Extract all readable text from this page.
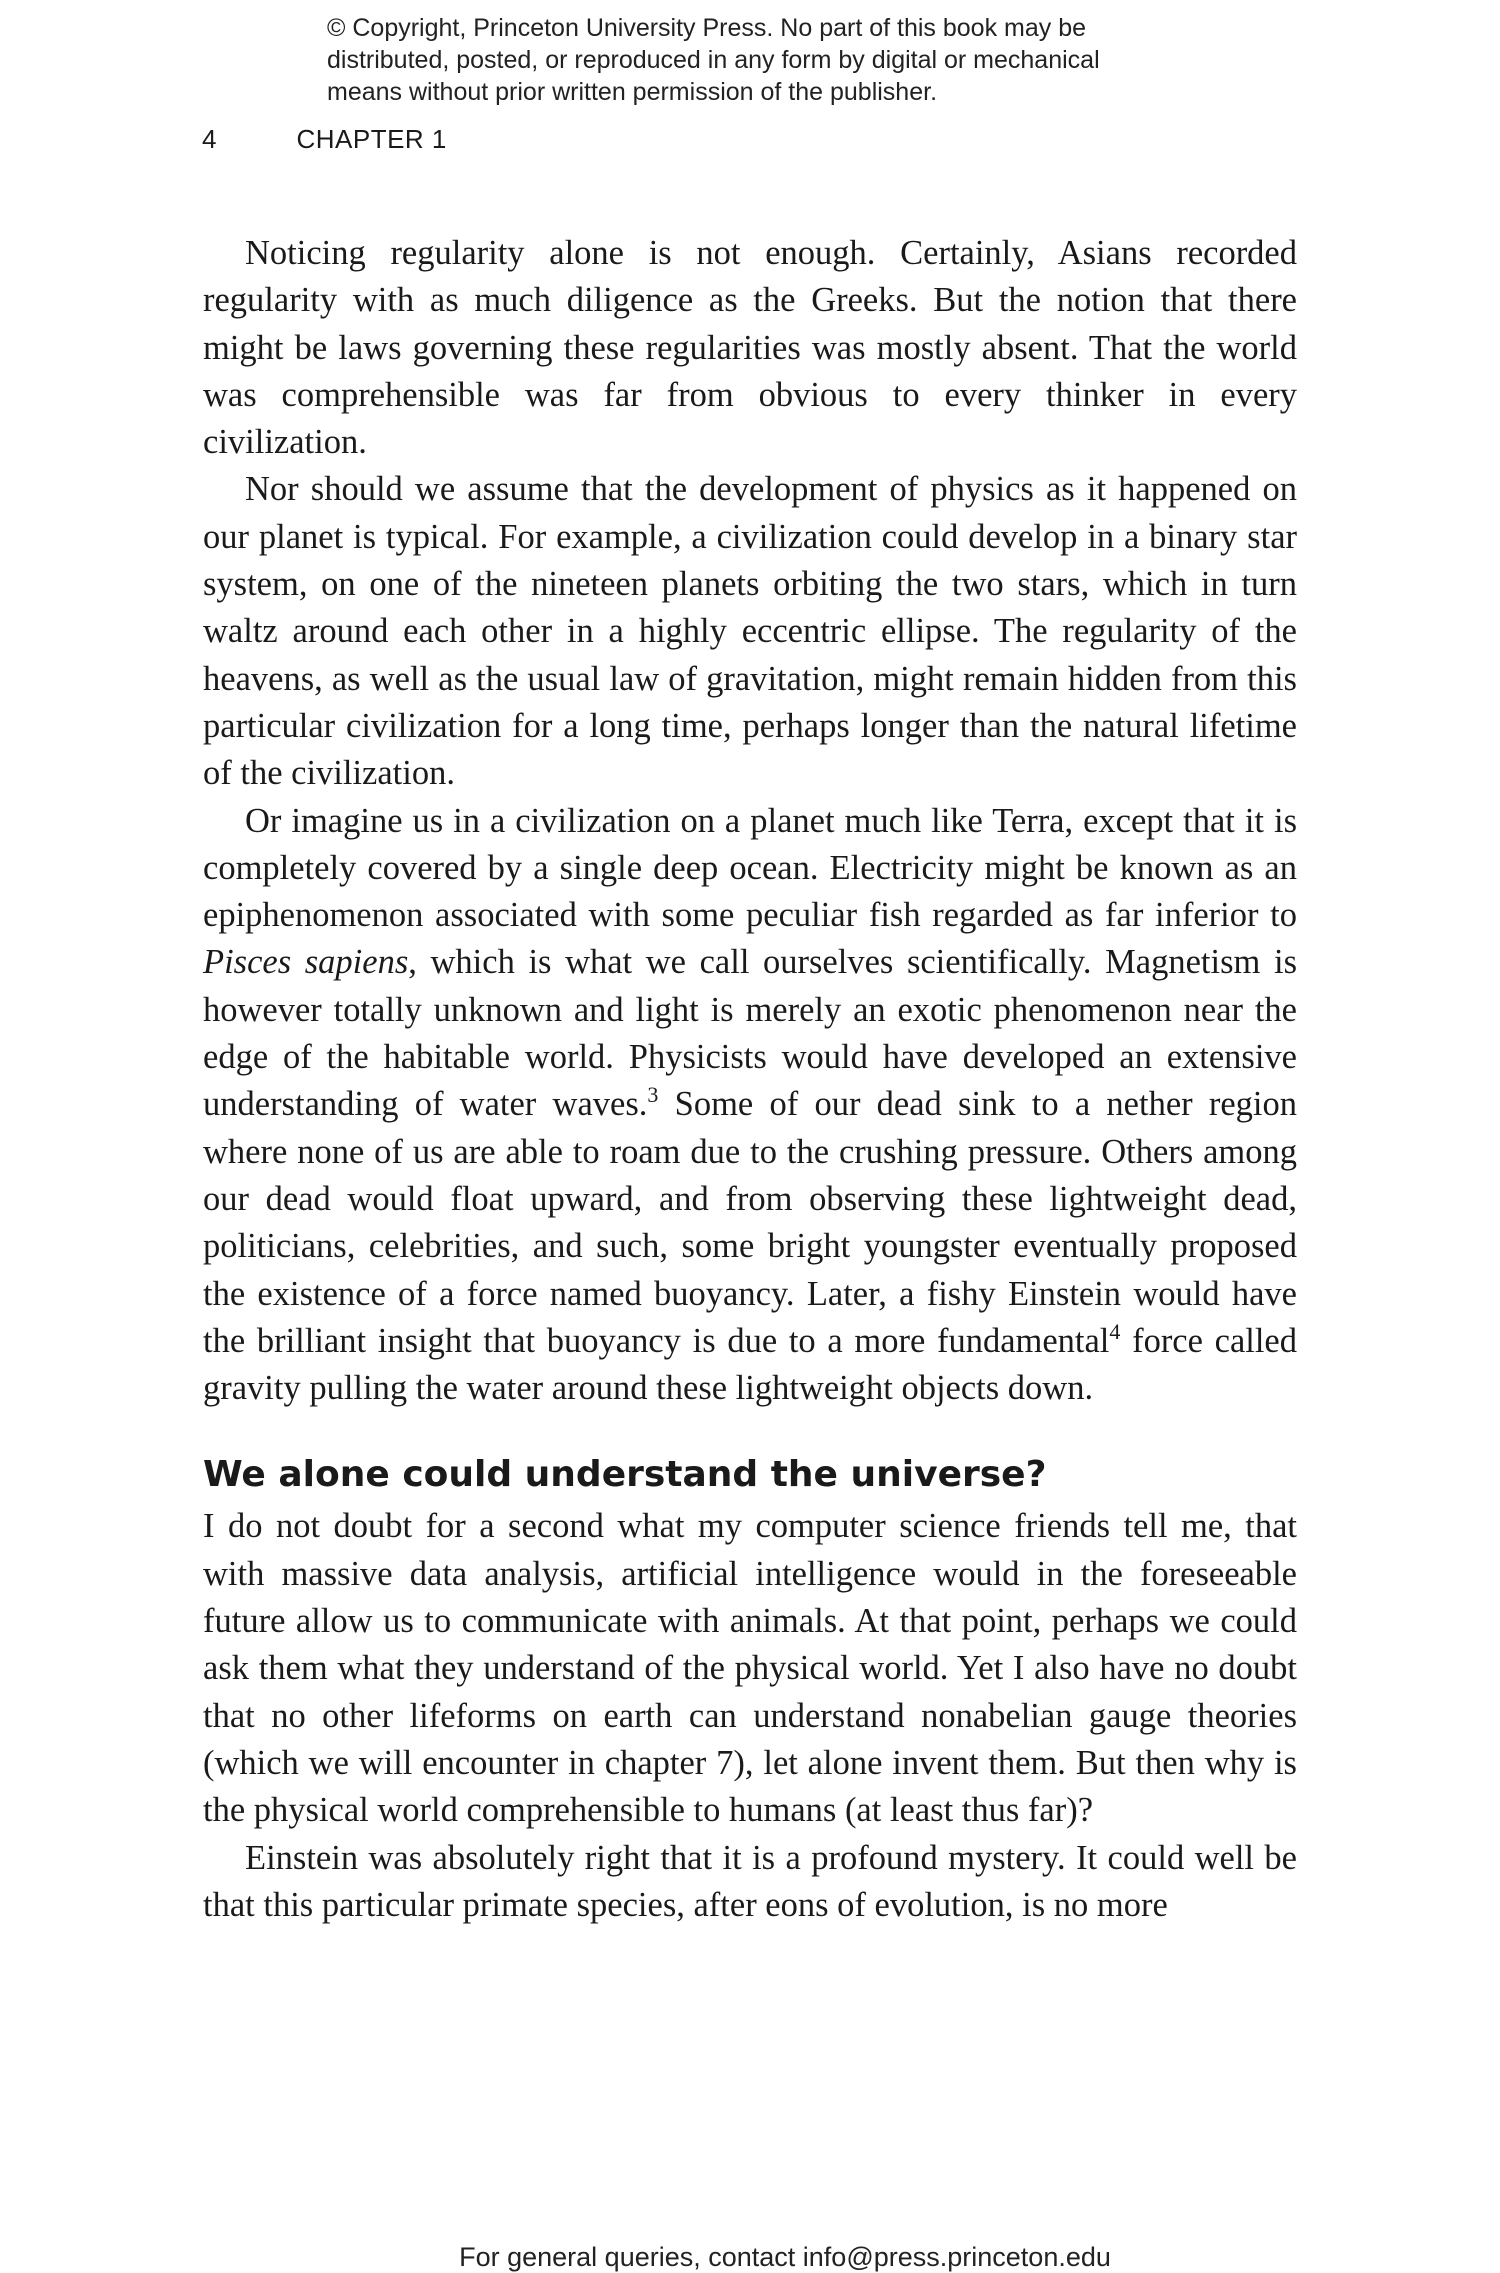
© Copyright, Princeton University Press. No part of this book may be
distributed, posted, or reproduced in any form by digital or mechanical
means without prior written permission of the publisher.
4	CHAPTER 1

Noticing regularity alone is not enough. Certainly, Asians recorded regularity with as much diligence as the Greeks. But the notion that there might be laws governing these regularities was mostly absent. That the world was comprehensible was far from obvious to every thinker in every civilization.

Nor should we assume that the development of physics as it happened on our planet is typical. For example, a civilization could develop in a binary star system, on one of the nineteen planets orbiting the two stars, which in turn waltz around each other in a highly eccentric ellipse. The regularity of the heavens, as well as the usual law of gravitation, might remain hidden from this particular civilization for a long time, perhaps longer than the natural lifetime of the civilization.

Or imagine us in a civilization on a planet much like Terra, except that it is completely covered by a single deep ocean. Electricity might be known as an epiphenomenon associated with some peculiar fish regarded as far inferior to Pisces sapiens, which is what we call ourselves scientifically. Magnetism is however totally unknown and light is merely an exotic phenomenon near the edge of the habitable world. Physicists would have developed an extensive understanding of water waves.$^3$ Some of our dead sink to a nether region where none of us are able to roam due to the crushing pressure. Others among our dead would float upward, and from observing these lightweight dead, politicians, celebrities, and such, some bright youngster eventually proposed the existence of a force named buoyancy. Later, a fishy Einstein would have the brilliant insight that buoyancy is due to a more fundamental$^4$ force called gravity pulling the water around these lightweight objects down.

We alone could understand the universe?

I do not doubt for a second what my computer science friends tell me, that with massive data analysis, artificial intelligence would in the foreseeable future allow us to communicate with animals. At that point, perhaps we could ask them what they understand of the physical world. Yet I also have no doubt that no other lifeforms on earth can understand nonabelian gauge theories (which we will encounter in chapter 7), let alone invent them. But then why is the physical world comprehensible to humans (at least thus far)?

Einstein was absolutely right that it is a profound mystery. It could well be that this particular primate species, after eons of evolution, is no more

For general queries, contact info@press.princeton.edu
